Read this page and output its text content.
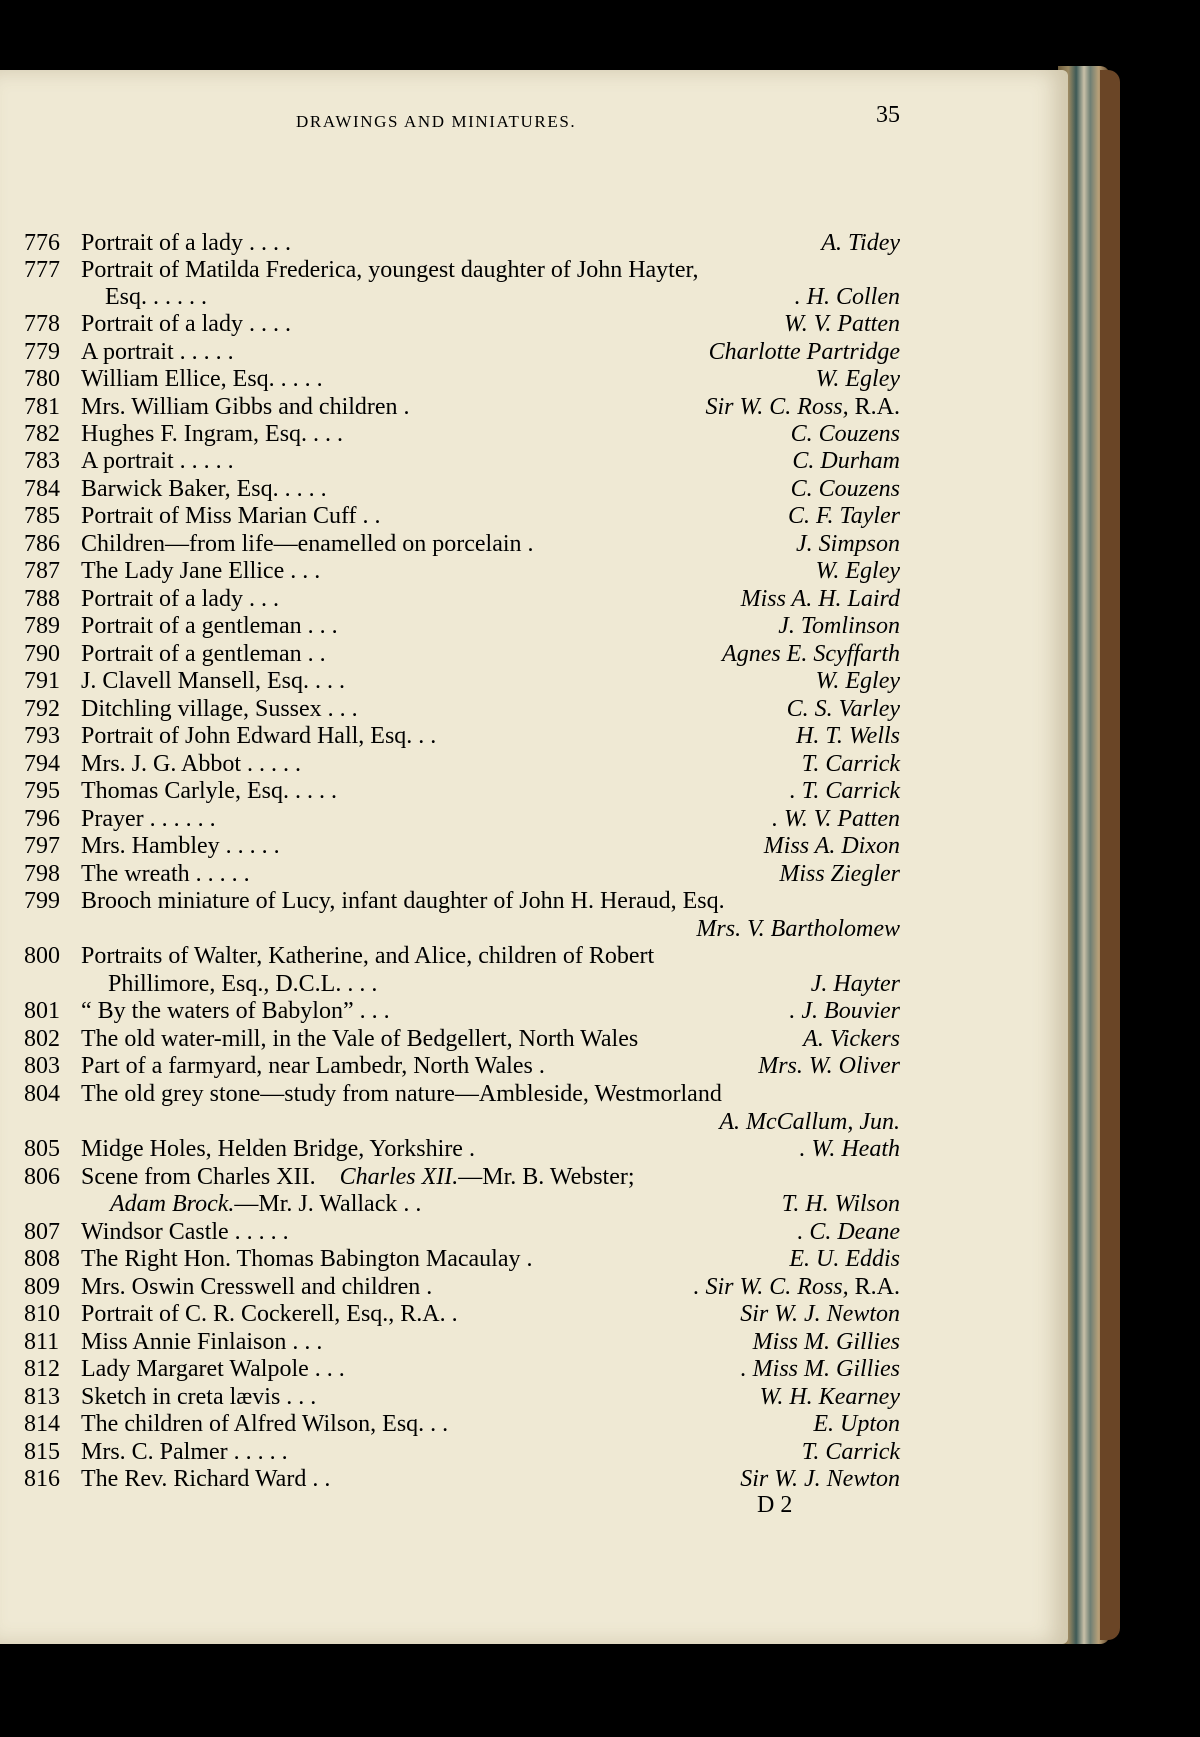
DRAWINGS AND MINIATURES.	35
776 Portrait of a lady . . . .	A. Tidey
777 Portrait of Matilda Frederica, youngest daughter of John Hayter,
Esq. . . . . .	. H. Collen
778 Portrait of a lady . . . .	W. V. Patten
779 A portrait . . . . .	Charlotte Partridge
780 William Ellice, Esq. . . . .	W. Egley
781 Mrs. William Gibbs and children .	Sir W. C. Ross, R.A.
782 Hughes F. Ingram, Esq. . . .	C. Couzens
783 A portrait . . . . .	C. Durham
784 Barwick Baker, Esq. . . . .	C. Couzens
785 Portrait of Miss Marian Cuff . .	C. F. Tayler
786 Children—from life—enamelled on porcelain .	J. Simpson
787 The Lady Jane Ellice . . .	W. Egley
788 Portrait of a lady . . .	Miss A. H. Laird
789 Portrait of a gentleman . . .	J. Tomlinson
790 Portrait of a gentleman . .	Agnes E. Scyffarth
791 J. Clavell Mansell, Esq. . . .	W. Egley
792 Ditchling village, Sussex . . .	C. S. Varley
793 Portrait of John Edward Hall, Esq. . .	H. T. Wells
794 Mrs. J. G. Abbot . . . . .	T. Carrick
795 Thomas Carlyle, Esq. . . . .	. T. Carrick
796 Prayer . . . . . .	. W. V. Patten
797 Mrs. Hambley . . . . .	Miss A. Dixon
798 The wreath . . . . .	Miss Ziegler
799 Brooch miniature of Lucy, infant daughter of John H. Heraud, Esq.
Mrs. V. Bartholomew
800 Portraits of Walter, Katherine, and Alice, children of Robert
Phillimore, Esq., D.C.L. . . .	J. Hayter
801 “ By the waters of Babylon” . . .	. J. Bouvier
802 The old water-mill, in the Vale of Bedgellert, North Wales	A. Vickers
803 Part of a farmyard, near Lambedr, North Wales .	Mrs. W. Oliver
804 The old grey stone—study from nature—Ambleside, Westmorland
A. McCallum, Jun.
805 Midge Holes, Helden Bridge, Yorkshire .	. W. Heath
806 Scene from Charles XII. Charles XII.—Mr. B. Webster;
Adam Brock.—Mr. J. Wallack . .	T. H. Wilson
807 Windsor Castle . . . . .	. C. Deane
808 The Right Hon. Thomas Babington Macaulay .	E. U. Eddis
809 Mrs. Oswin Cresswell and children .	. Sir W. C. Ross, R.A.
810 Portrait of C. R. Cockerell, Esq., R.A. .	Sir W. J. Newton
811 Miss Annie Finlaison . . .	Miss M. Gillies
812 Lady Margaret Walpole . . .	. Miss M. Gillies
813 Sketch in creta lævis . . .	W. H. Kearney
814 The children of Alfred Wilson, Esq. . .	E. Upton
815 Mrs. C. Palmer . . . . .	T. Carrick
816 The Rev. Richard Ward . .	Sir W. J. Newton
D 2
